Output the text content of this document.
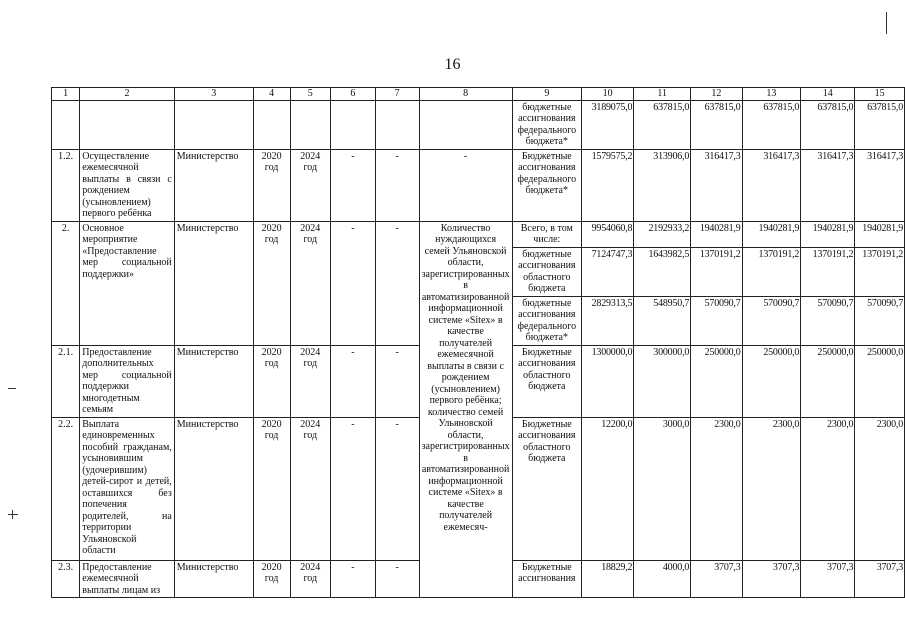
16
1	2	3	4	5	6	7	8	9	10	11	12	13	14	15
								бюджетные ассигнования федерального бюджета*	3189075,0	637815,0	637815,0	637815,0	637815,0	637815,0
1.2.	Осуществление ежемесячной выплаты в связи с рождением (усыновлением) первого ребёнка	Министерство	2020 год	2024 год	-	-	-	Бюджетные ассигнования федерального бюджета*	1579575,2	313906,0	316417,3	316417,3	316417,3	316417,3
2.	Основное мероприятие «Предоставление мер социальной поддержки»	Министерство	2020 год	2024 год	-	-	Количество нуждающихся семей Ульяновской области, зарегистрированных в автоматизированной информационной системе «Sitex» в качестве получателей ежемесячной выплаты в связи с рождением (усыновлением) первого ребёнка; количество семей Ульяновской области, зарегистрированных в автоматизированной информационной системе «Sitex» в качестве получателей ежемесяч-	Всего, в том числе:	9954060,8	2192933,2	1940281,9	1940281,9	1940281,9	1940281,9
								бюджетные ассигнования областного бюджета	7124747,3	1643982,5	1370191,2	1370191,2	1370191,2	1370191,2
								бюджетные ассигнования федерального бюджета*	2829313,5	548950,7	570090,7	570090,7	570090,7	570090,7
2.1.	Предоставление дополнительных мер социальной поддержки многодетным семьям	Министерство	2020 год	2024 год	-	-		Бюджетные ассигнования областного бюджета	1300000,0	300000,0	250000,0	250000,0	250000,0	250000,0
2.2.	Выплата единовременных пособий гражданам, усыновившим (удочерившим) детей-сирот и детей, оставшихся без попечения родителей, на территории Ульяновской области	Министерство	2020 год	2024 год	-	-		Бюджетные ассигнования областного бюджета	12200,0	3000,0	2300,0	2300,0	2300,0	2300,0
2.3.	Предоставление ежемесячной выплаты лицам из	Министерство	2020 год	2024 год	-	-		Бюджетные ассигнования	18829,2	4000,0	3707,3	3707,3	3707,3	3707,3
